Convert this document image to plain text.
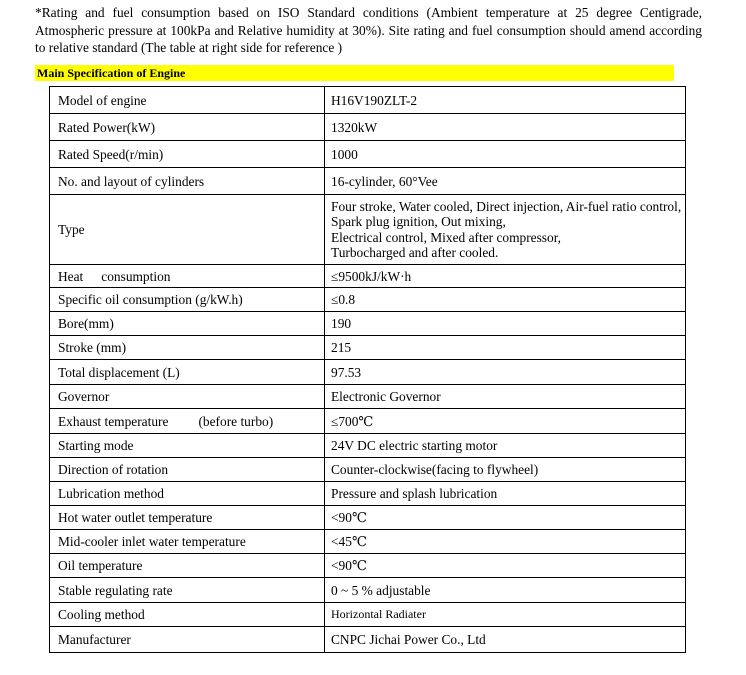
*Rating and fuel consumption based on ISO Standard conditions (Ambient temperature at 25 degree Centigrade, Atmospheric pressure at 100kPa and Relative humidity at 30%). Site rating and fuel consumption should amend according to relative standard (The table at right side for reference )

Main Specification of Engine
Model of engine	H16V190ZLT-2
Rated Power(kW)	1320kW
Rated Speed(r/min)	1000
No. and layout of cylinders	16-cylinder, 60°Vee
Type	Four stroke, Water cooled, Direct injection, Air-fuel ratio control, Spark plug ignition, Out mixing,
Electrical control, Mixed after compressor,
Turbocharged and after cooled.
Heat consumption	≤9500kJ/kW·h
Specific oil consumption (g/kW.h)	≤0.8
Bore(mm)	190
Stroke (mm)	215
Total displacement (L)	97.53
Governor	Electronic Governor
Exhaust temperature (before turbo)	≤700℃
Starting mode	24V DC electric starting motor
Direction of rotation	Counter-clockwise(facing to flywheel)
Lubrication method	Pressure and splash lubrication
Hot water outlet temperature	<90℃
Mid-cooler inlet water temperature	<45℃
Oil temperature	<90℃
Stable regulating rate	0 ~ 5 % adjustable
Cooling method	Horizontal Radiater
Manufacturer	CNPC Jichai Power Co., Ltd
